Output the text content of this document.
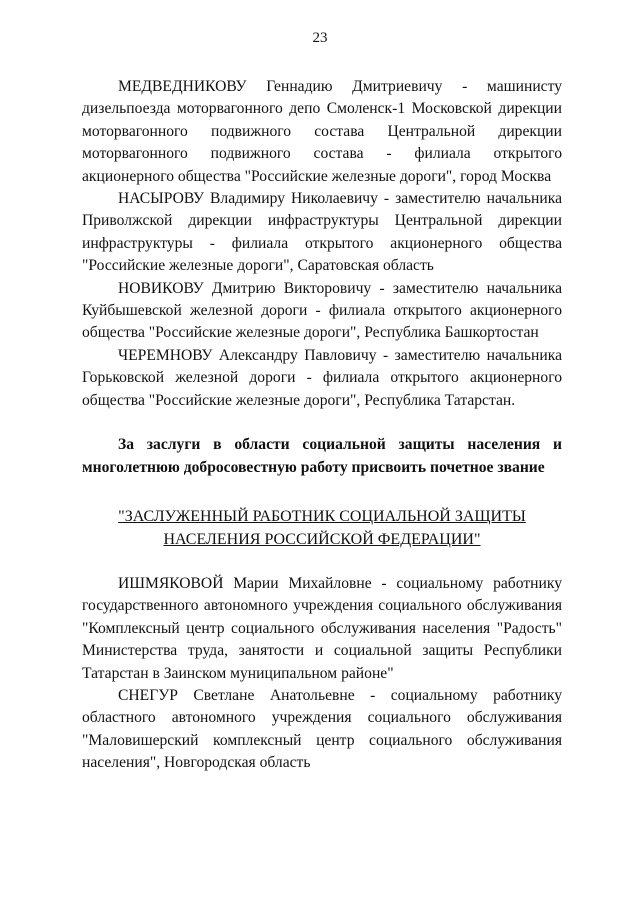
23

МЕДВЕДНИКОВУ Геннадию Дмитриевичу - машинисту дизельпоезда моторвагонного депо Смоленск-1 Московской дирекции моторвагонного подвижного состава Центральной дирекции моторвагонного подвижного состава - филиала открытого акционерного общества "Российские железные дороги", город Москва

НАСЫРОВУ Владимиру Николаевичу - заместителю начальника Приволжской дирекции инфраструктуры Центральной дирекции инфраструктуры - филиала открытого акционерного общества "Российские железные дороги", Саратовская область

НОВИКОВУ Дмитрию Викторовичу - заместителю начальника Куйбышевской железной дороги - филиала открытого акционерного общества "Российские железные дороги", Республика Башкортостан

ЧЕРЕМНОВУ Александру Павловичу - заместителю начальника Горьковской железной дороги - филиала открытого акционерного общества "Российские железные дороги", Республика Татарстан.

За заслуги в области социальной защиты населения и многолетнюю добросовестную работу присвоить почетное звание

"ЗАСЛУЖЕННЫЙ РАБОТНИК СОЦИАЛЬНОЙ ЗАЩИТЫ
НАСЕЛЕНИЯ РОССИЙСКОЙ ФЕДЕРАЦИИ"

ИШМЯКОВОЙ Марии Михайловне - социальному работнику государственного автономного учреждения социального обслуживания "Комплексный центр социального обслуживания населения "Радость" Министерства труда, занятости и социальной защиты Республики Татарстан в Заинском муниципальном районе"

СНЕГУР Светлане Анатольевне - социальному работнику областного автономного учреждения социального обслуживания "Маловишерский комплексный центр социального обслуживания населения", Новгородская область
